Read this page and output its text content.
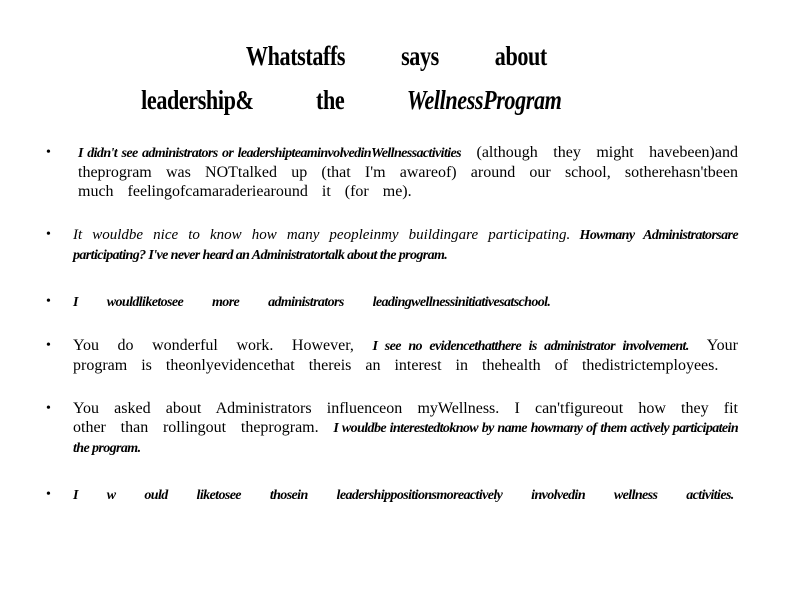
Whatstaffs says about
leadership& the WellnessProgram
• I didn't see administrators or leadershipteaminvolvedinWellnessactivities (although they might havebeen)and theprogram was NOTtalked up (that I'm awareof) around our school, sotherehasn'tbeen much feelingofcamaraderiearound it (for me).
• It wouldbe nice to know how many peopleinmy buildingare participating. Howmany Administratorsare participating? I've never heard an Administratortalk about the program.
• I wouldliketosee more administrators leadingwellnessinitiativesatschool.
• You do wonderful work. However, I see no evidencethatthere is administrator involvement. Your program is theonlyevidencethat thereis an interest in thehealth of thedistrictemployees.
• You asked about Administrators influenceon myWellness. I can'tfigureout how they fit other than rollingout theprogram. I wouldbe interestedtoknow by name howmany of them actively participatein the program.
• I w ould liketosee thosein leadershippositionsmoreactively involvedin wellness activities.
